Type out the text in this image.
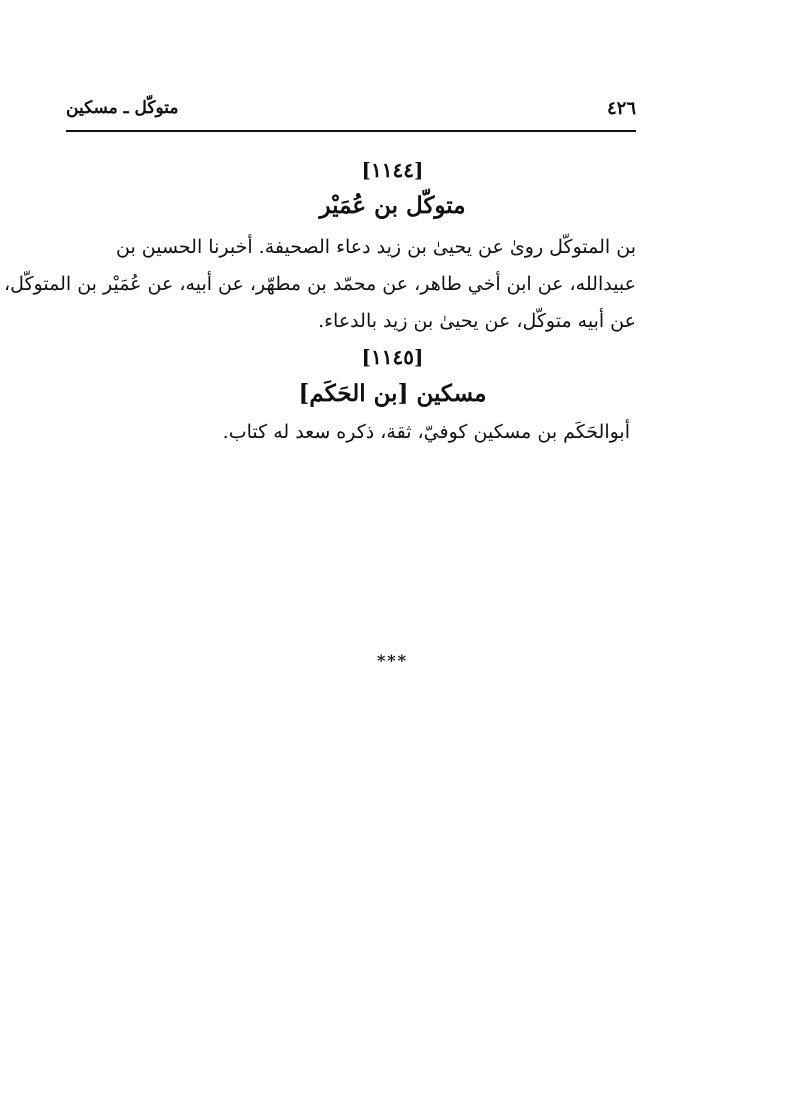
٤٢٦
متوكّل ـ مسكين
[١١٤٤]
متوكّل بن عُمَيْر
بن المتوكّل روىٰ عن يحيىٰ بن زيد دعاء الصحيفة. أخبرنا الحسين بن
عبيدالله، عن ابن أخي طاهر، عن محمّد بن مطهّر، عن أبيه، عن عُمَيْر بن المتوكّل،
عن أبيه متوكّل، عن يحيىٰ بن زيد بالدعاء.
[١١٤٥]
مسكين [بن الحَكَم]
أبوالحَكَم بن مسكين كوفيّ، ثقة، ذكره سعد له كتاب.
***
